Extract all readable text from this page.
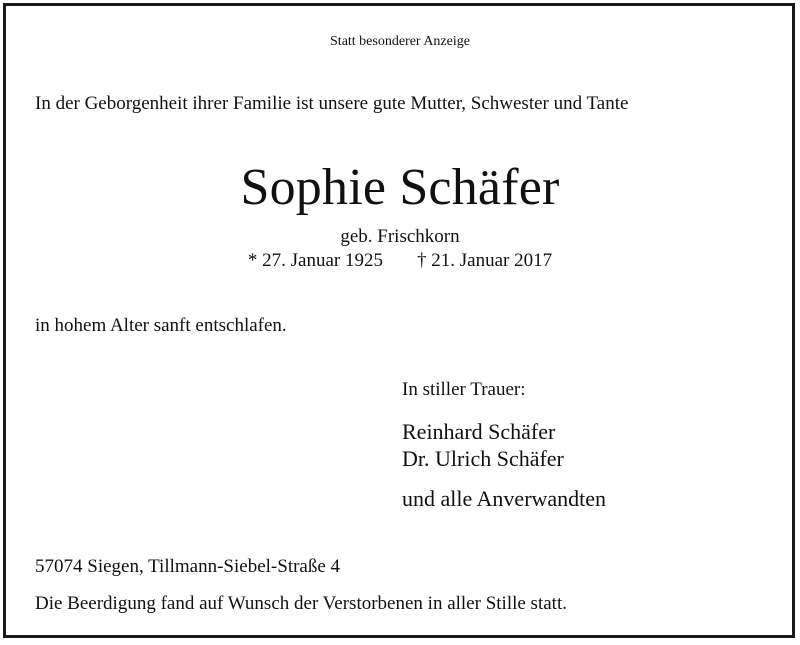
Statt besonderer Anzeige
In der Geborgenheit ihrer Familie ist unsere gute Mutter, Schwester und Tante
Sophie Schäfer
geb. Frischkorn
* 27. Januar 1925 † 21. Januar 2017
in hohem Alter sanft entschlafen.
In stiller Trauer:
Reinhard Schäfer
Dr. Ulrich Schäfer
und alle Anverwandten
57074 Siegen, Tillmann-Siebel-Straße 4
Die Beerdigung fand auf Wunsch der Verstorbenen in aller Stille statt.
